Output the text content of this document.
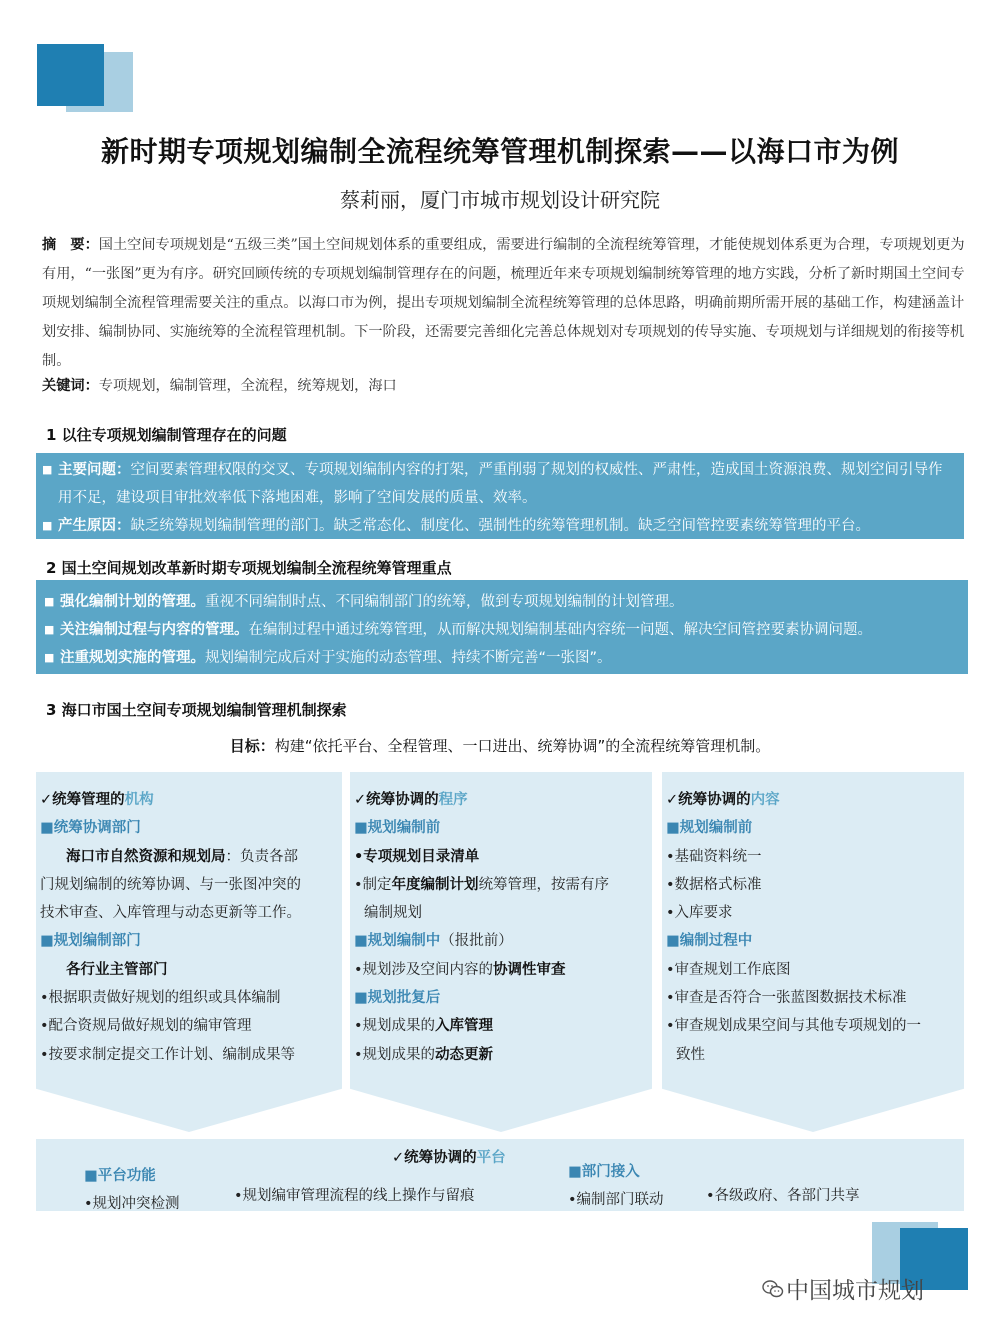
新时期专项规划编制全流程统筹管理机制探索——以海口市为例
蔡莉丽，厦门市城市规划设计研究院
摘　要：国土空间专项规划是“五级三类”国土空间规划体系的重要组成，需要进行编制的全流程统筹管理，才能使规划体系更为合理，专项规划更为有用，“一张图”更为有序。研究回顾传统的专项规划编制管理存在的问题，梳理近年来专项规划编制统筹管理的地方实践，分析了新时期国土空间专项规划编制全流程管理需要关注的重点。以海口市为例，提出专项规划编制全流程统筹管理的总体思路，明确前期所需开展的基础工作，构建涵盖计划安排、编制协同、实施统筹的全流程管理机制。下一阶段，还需要完善细化完善总体规划对专项规划的传导实施、专项规划与详细规划的衔接等机制。
关键词：专项规划，编制管理，全流程，统筹规划，海口
1 以往专项规划编制管理存在的问题
■ 主要问题：空间要素管理权限的交叉、专项规划编制内容的打架，严重削弱了规划的权威性、严肃性，造成国土资源浪费、规划空间引导作用不足，建设项目审批效率低下落地困难，影响了空间发展的质量、效率。
■ 产生原因：缺乏统筹规划编制管理的部门。缺乏常态化、制度化、强制性的统筹管理机制。缺乏空间管控要素统筹管理的平台。
2 国土空间规划改革新时期专项规划编制全流程统筹管理重点
■ 强化编制计划的管理。重视不同编制时点、不同编制部门的统筹，做到专项规划编制的计划管理。
■ 关注编制过程与内容的管理。在编制过程中通过统筹管理，从而解决规划编制基础内容统一问题、解决空间管控要素协调问题。
■ 注重规划实施的管理。规划编制完成后对于实施的动态管理、持续不断完善“一张图”。
3 海口市国土空间专项规划编制管理机制探索
目标：构建“依托平台、全程管理、一口进出、统筹协调”的全流程统筹管理机制。
✓统筹管理的机构
■统筹协调部门
海口市自然资源和规划局：负责各部
门规划编制的统筹协调、与一张图冲突的
技术审查、入库管理与动态更新等工作。
■规划编制部门
各行业主管部门
•根据职责做好规划的组织或具体编制
•配合资规局做好规划的编审管理
•按要求制定提交工作计划、编制成果等
✓统筹协调的程序
■规划编制前
•专项规划目录清单
•制定年度编制计划统筹管理，按需有序
编制规划
■规划编制中（报批前）
•规划涉及空间内容的协调性审查
■规划批复后
•规划成果的入库管理
•规划成果的动态更新
✓统筹协调的内容
■规划编制前
•基础资料统一
•数据格式标准
•入库要求
■编制过程中
•审查规划工作底图
•审查是否符合一张蓝图数据技术标准
•审查规划成果空间与其他专项规划的一
致性
✓统筹协调的平台
■平台功能
•规划冲突检测	•规划编审管理流程的线上操作与留痕
■部门接入
•编制部门联动	•各级政府、各部门共享
中国城市规划
